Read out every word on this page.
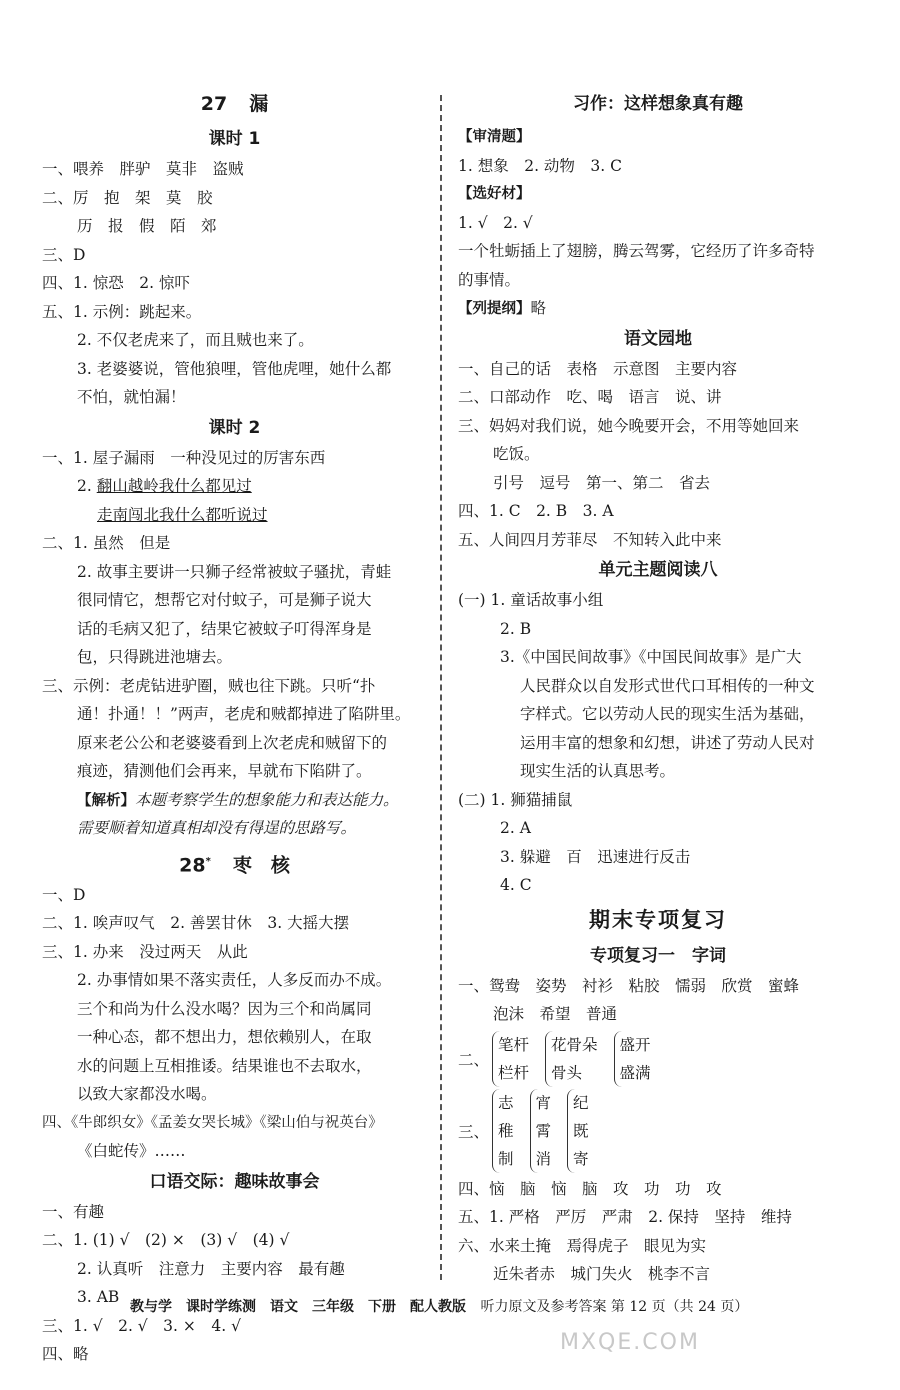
27 漏
课时 1
一、喂养　胖驴　莫非　盗贼
二、厉　抱　架　莫　胶
历　报　假　陌　郊
三、D
四、1. 惊恐　2. 惊吓
五、1. 示例：跳起来。
2. 不仅老虎来了，而且贼也来了。
3. 老婆婆说，管他狼哩，管他虎哩，她什么都
不怕，就怕漏！
课时 2
一、1. 屋子漏雨　一种没见过的厉害东西
2. 翻山越岭我什么都见过
走南闯北我什么都听说过
二、1. 虽然　但是
2. 故事主要讲一只狮子经常被蚊子骚扰，青蛙
很同情它，想帮它对付蚊子，可是狮子说大
话的毛病又犯了，结果它被蚊子叮得浑身是
包，只得跳进池塘去。
三、示例：老虎钻进驴圈，贼也往下跳。只听“扑
通！扑通！！”两声，老虎和贼都掉进了陷阱里。
原来老公公和老婆婆看到上次老虎和贼留下的
痕迹，猜测他们会再来，早就布下陷阱了。
【解析】本题考察学生的想象能力和表达能力。
需要顺着知道真相却没有得逞的思路写。
28* 枣　核
一、D
二、1. 唉声叹气　2. 善罢甘休　3. 大摇大摆
三、1. 办来　没过两天　从此
2. 办事情如果不落实责任，人多反而办不成。
三个和尚为什么没水喝？因为三个和尚属同
一种心态，都不想出力，想依赖别人，在取
水的问题上互相推诿。结果谁也不去取水，
以致大家都没水喝。
四、《牛郎织女》《孟姜女哭长城》《梁山伯与祝英台》
《白蛇传》……
口语交际：趣味故事会
一、有趣
二、1. (1) √　(2) ×　(3) √　(4) √
2. 认真听　注意力　主要内容　最有趣
3. AB
三、1. √　2. √　3. ×　4. √
四、略
习作：这样想象真有趣
【审清题】
1. 想象　2. 动物　3. C
【选好材】
1. √　2. √
一个牡蛎插上了翅膀，腾云驾雾，它经历了许多奇特
的事情。
【列提纲】略
语文园地
一、自己的话　表格　示意图　主要内容
二、口部动作　吃、喝　语言　说、讲
三、妈妈对我们说，她今晚要开会，不用等她回来
吃饭。
引号　逗号　第一、第二　省去
四、1. C　2. B　3. A
五、人间四月芳菲尽　不知转入此中来
单元主题阅读八
(一) 1. 童话故事小组
2. B
3.《中国民间故事》《中国民间故事》是广大
人民群众以自发形式世代口耳相传的一种文
字样式。它以劳动人民的现实生活为基础，
运用丰富的想象和幻想，讲述了劳动人民对
现实生活的认真思考。
(二) 1. 狮猫捕鼠
2. A
3. 躲避　百　迅速进行反击
4. C
期末专项复习
专项复习一　字词
一、鸳鸯　姿势　衬衫　粘胶　懦弱　欣赏　蜜蜂
泡沫　希望　普通
二、
笔杆
栏杆
花骨朵
骨头
盛开
盛满
三、
志
稚
制
宵
霄
消
纪
既
寄
四、恼　脑　恼　脑　攻　功　功　攻
五、1. 严格　严厉　严肃　2. 保持　坚持　维持
六、水来土掩　焉得虎子　眼见为实
近朱者赤　城门失火　桃李不言
教与学　课时学练测　语文　三年级　下册　配人教版 听力原文及参考答案 第 12 页（共 24 页）
MXQE.COM
